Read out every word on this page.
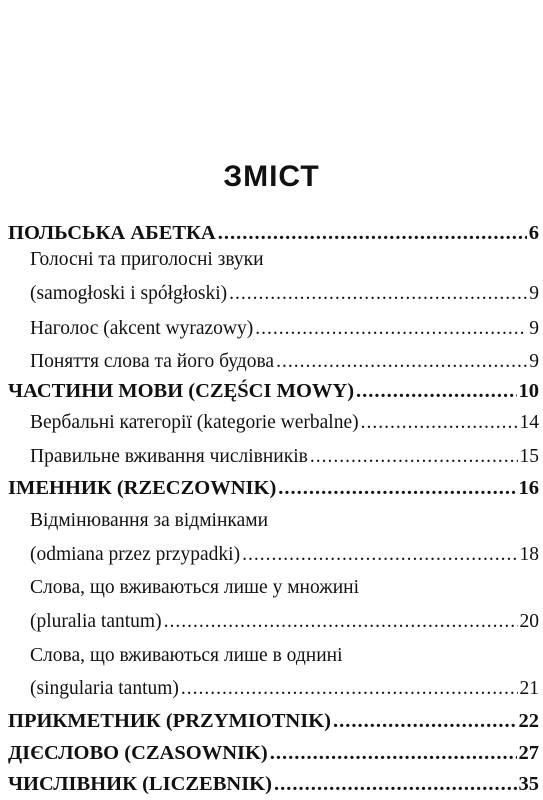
ЗМІСТ
ПОЛЬСЬКА АБЕТКА .....	6
Голосні та приголосні звуки
(samogłoski i spółgłoski) .....	9
Наголос (akcent wyrazowy) .....	9
Поняття слова та його будова .....	9
ЧАСТИНИ МОВИ (CZĘŚCI MOWY) .....	10
Вербальні категорії (kategorie werbalne) .....	14
Правильне вживання числівників .....	15
ІМЕННИК (RZECZOWNIK) .....	16
Відмінювання за відмінками
(odmiana przez przypadki) .....	18
Слова, що вживаються лише у множині
(pluralia tantum) .....	20
Слова, що вживаються лише в однині
(singularia tantum) .....	21
ПРИКМЕТНИК (PRZYMIOTNIK) .....	22
ДІЄСЛОВО (CZASOWNIK) .....	27
ЧИСЛІВНИК (LICZEBNIK) .....	35
